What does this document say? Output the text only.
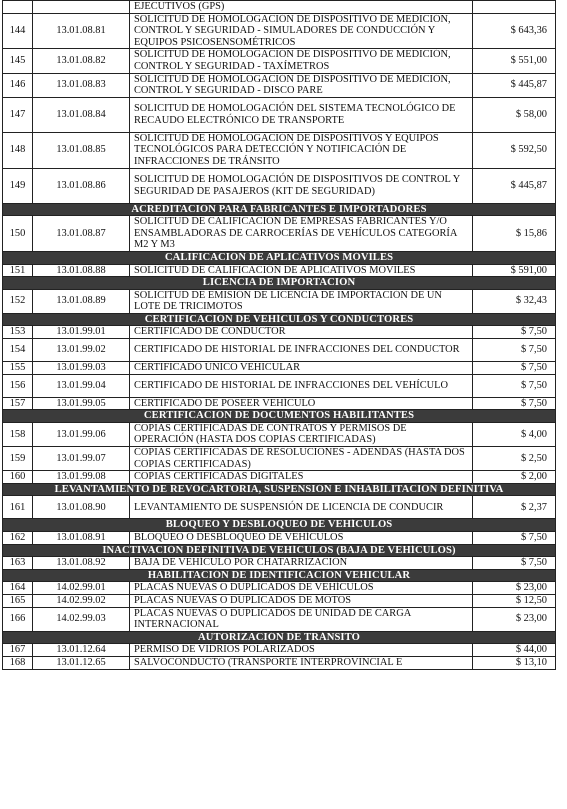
		EJECUTIVOS (GPS)	
144	13.01.08.81	SOLICITUD DE HOMOLOGACIÓN DE DISPOSITIVO DE MEDICIÓN, CONTROL Y SEGURIDAD - SIMULADORES DE CONDUCCIÓN Y EQUIPOS PSICOSENSOMÉTRICOS	$ 643,36
145	13.01.08.82	SOLICITUD DE HOMOLOGACIÓN DE DISPOSITIVO DE MEDICIÓN, CONTROL Y SEGURIDAD - TAXÍMETROS	$ 551,00
146	13.01.08.83	SOLICITUD DE HOMOLOGACIÓN DE DISPOSITIVO DE MEDICIÓN, CONTROL Y SEGURIDAD - DISCO PARE	$ 445,87
147	13.01.08.84	SOLICITUD DE HOMOLOGACIÓN DEL SISTEMA TECNOLÓGICO DE RECAUDO ELECTRÓNICO DE TRANSPORTE	$ 58,00
148	13.01.08.85	SOLICITUD DE HOMOLOGACIÓN DE DISPOSITIVOS Y EQUIPOS TECNOLÓGICOS PARA DETECCIÓN Y NOTIFICACIÓN DE INFRACCIONES DE TRÁNSITO	$ 592,50
149	13.01.08.86	SOLICITUD DE HOMOLOGACIÓN DE DISPOSITIVOS DE CONTROL Y SEGURIDAD DE PASAJEROS (KIT DE SEGURIDAD)	$ 445,87
ACREDITACIÓN PARA FABRICANTES E IMPORTADORES			
150	13.01.08.87	SOLICITUD DE CALIFICACIÓN DE EMPRESAS FABRICANTES Y/O ENSAMBLADORAS DE CARROCERÍAS DE VEHÍCULOS CATEGORÍA M2 Y M3	$ 15,86
CALIFICACIÓN DE APLICATIVOS MÓVILES			
151	13.01.08.88	SOLICITUD DE CALIFICACIÓN DE APLICATIVOS MÓVILES	$ 591,00
LICENCIA DE IMPORTACIÓN			
152	13.01.08.89	SOLICITUD DE EMISIÓN DE LICENCIA DE IMPORTACIÓN DE UN LOTE DE TRICIMOTOS	$ 32,43
CERTIFICACIÓN DE VEHÍCULOS Y CONDUCTORES			
153	13.01.99.01	CERTIFICADO DE CONDUCTOR	$ 7,50
154	13.01.99.02	CERTIFICADO DE HISTORIAL DE INFRACCIONES DEL CONDUCTOR	$ 7,50
155	13.01.99.03	CERTIFICADO ÚNICO VEHICULAR	$ 7,50
156	13.01.99.04	CERTIFICADO DE HISTORIAL DE INFRACCIONES DEL VEHÍCULO	$ 7,50
157	13.01.99.05	CERTIFICADO DE POSEER VEHÍCULO	$ 7,50
CERTIFICACIÓN DE DOCUMENTOS HABILITANTES			
158	13.01.99.06	COPIAS CERTIFICADAS DE CONTRATOS Y PERMISOS DE OPERACIÓN (HASTA DOS COPIAS CERTIFICADAS)	$ 4,00
159	13.01.99.07	COPIAS CERTIFICADAS DE RESOLUCIONES - ADENDAS (HASTA DOS COPIAS CERTIFICADAS)	$ 2,50
160	13.01.99.08	COPIAS CERTIFICADAS DIGITALES	$ 2,00
LEVANTAMIENTO DE REVOCARTORIA, SUSPENSIÓN E INHABILITACIÓN DEFINITIVA			
161	13.01.08.90	LEVANTAMIENTO DE SUSPENSIÓN DE LICENCIA DE CONDUCIR	$ 2,37
BLOQUEO Y DESBLOQUEO DE VEHÍCULOS			
162	13.01.08.91	BLOQUEO O DESBLOQUEO DE VEHÍCULOS	$ 7,50
INACTIVACIÓN DEFINITIVA DE VEHÍCULOS (BAJA DE VEHÍCULOS)			
163	13.01.08.92	BAJA DE VEHÍCULO POR CHATARRIZACIÓN	$ 7,50
HABILITACIÓN DE IDENTIFICACIÓN VEHICULAR			
164	14.02.99.01	PLACAS NUEVAS O DUPLICADOS DE VEHÍCULOS	$ 23,00
165	14.02.99.02	PLACAS NUEVAS O DUPLICADOS DE MOTOS	$ 12,50
166	14.02.99.03	PLACAS NUEVAS O DUPLICADOS DE UNIDAD DE CARGA INTERNACIONAL	$ 23,00
AUTORIZACIÓN DE TRÁNSITO			
167	13.01.12.64	PERMISO DE VIDRIOS POLARIZADOS	$ 44,00
168	13.01.12.65	SALVOCONDUCTO (TRANSPORTE INTERPROVINCIAL E	$ 13,10
